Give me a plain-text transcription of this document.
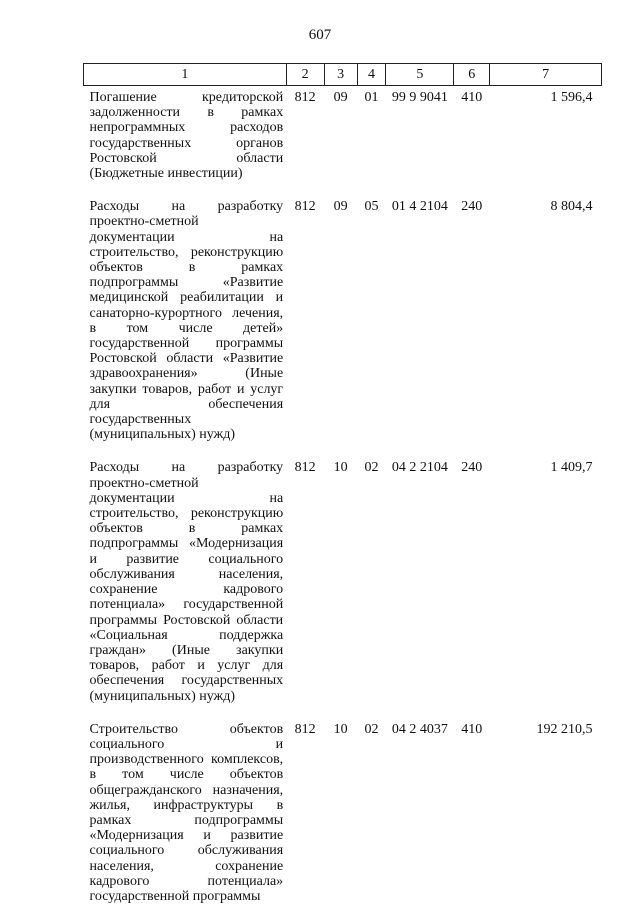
607
1	2	3	4	5	6	7
Погашение кредиторской задолженности в рамках непрограммных расходов государственных органов Ростовской области (Бюджетные инвестиции)	812	09	01	99 9 9041	410	1 596,4
Расходы на разработку проектно-сметной документации на строительство, реконструкцию объектов в рамках подпрограммы «Развитие медицинской реабилитации и санаторно-курортного лечения, в том числе детей» государственной программы Ростовской области «Развитие здравоохранения» (Иные закупки товаров, работ и услуг для обеспечения государственных (муниципальных) нужд)	812	09	05	01 4 2104	240	8 804,4
Расходы на разработку проектно-сметной документации на строительство, реконструкцию объектов в рамках подпрограммы «Модернизация и развитие социального обслуживания населения, сохранение кадрового потенциала» государственной программы Ростовской области «Социальная поддержка граждан» (Иные закупки товаров, работ и услуг для обеспечения государственных (муниципальных) нужд)	812	10	02	04 2 2104	240	1 409,7
Строительство объектов социального и производственного комплексов, в том числе объектов общегражданского назначения, жилья, инфраструктуры в рамках подпрограммы «Модернизация и развитие социального обслуживания населения, сохранение кадрового потенциала» государственной программы	812	10	02	04 2 4037	410	192 210,5
